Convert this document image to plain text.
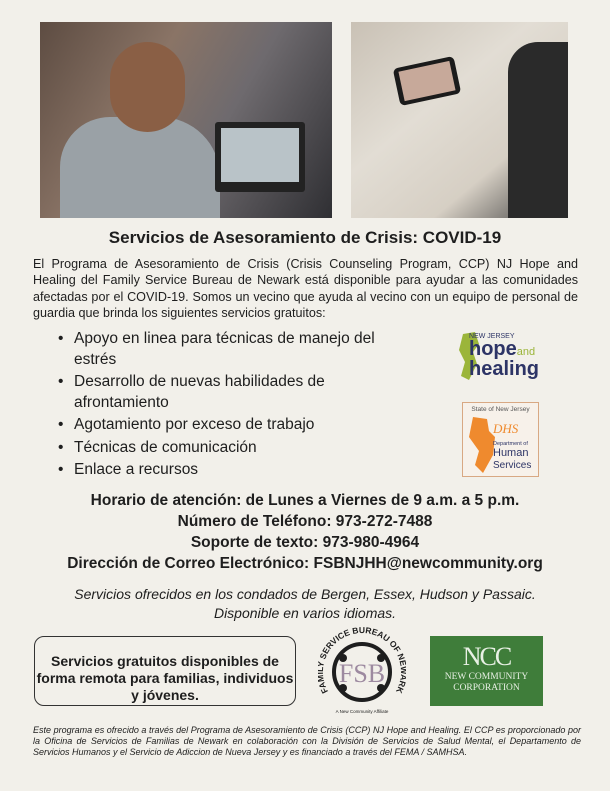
Servicios de Asesoramiento de Crisis: COVID-19

El Programa de Asesoramiento de Crisis (Crisis Counseling Program, CCP) NJ Hope and Healing del Family Service Bureau de Newark está disponible para ayudar a las comunidades afectadas por el COVID-19. Somos un vecino que ayuda al vecino con un equipo de personal de guardia que brinda los siguientes servicios gratuitos:

• Apoyo en linea para técnicas de manejo del estrés
• Desarrollo de nuevas habilidades de afrontamiento
• Agotamiento por exceso de trabajo
• Técnicas de comunicación
• Enlace a recursos
NEW JERSEY
hopeand
healing
State of New Jersey
DHS
Department of
Human
Services
Horario de atención: de Lunes a Viernes de 9 a.m. a 5 p.m.
Número de Teléfono: 973-272-7488
Soporte de texto: 973-980-4964
Dirección de Correo Electrónico: FSBNJHH@newcommunity.org
Servicios ofrecidos en los condados de Bergen, Essex, Hudson y Passaic.
Disponible en varios idiomas.
Servicios gratuitos disponibles de forma remota para familias, individuos y jóvenes.
FSB
F SERVICE BUREAU OF N K
A New Community Affiliate
NCC
NEW COMMUNITY
CORPORATION

Este programa es ofrecido a través del Programa de Asesoramiento de Crisis (CCP) NJ Hope and Healing. El CCP es proporcionado por la Oficina de Servicios de Familias de Newark en colaboración con la División de Servicios de Salud Mental, el Departamento de Servicios Humanos y el Servicio de Adiccion de Nueva Jersey y es financiado a través del FEMA / SAMHSA.
